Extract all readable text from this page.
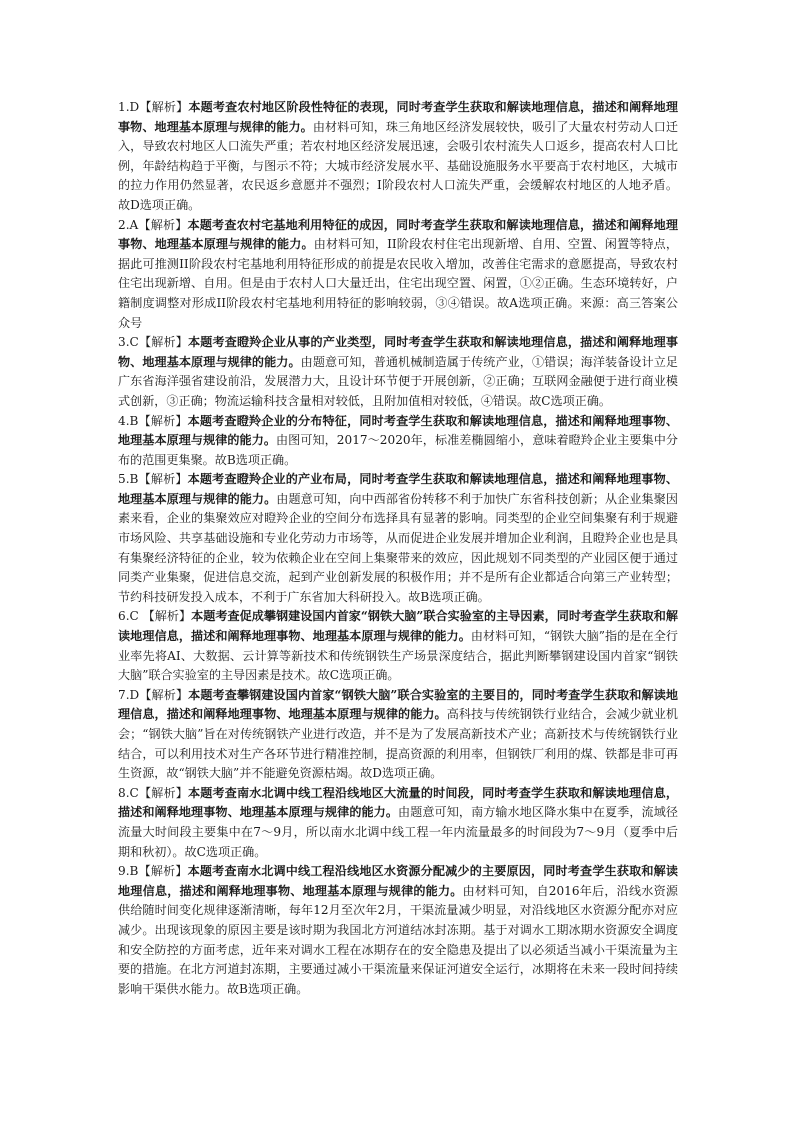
1.D【解析】本题考查农村地区阶段性特征的表现，同时考查学生获取和解读地理信息，描述和阐释地理事物、地理基本原理与规律的能力。由材料可知，珠三角地区经济发展较快，吸引了大量农村劳动人口迁入，导致农村地区人口流失严重；若农村地区经济发展迅速，会吸引农村流失人口返乡，提高农村人口比例，年龄结构趋于平衡，与图示不符；大城市经济发展水平、基础设施服务水平要高于农村地区，大城市的拉力作用仍然显著，农民返乡意愿并不强烈；I阶段农村人口流失严重，会缓解农村地区的人地矛盾。故D选项正确。

2.A【解析】本题考查农村宅基地利用特征的成因，同时考查学生获取和解读地理信息，描述和阐释地理事物、地理基本原理与规律的能力。由材料可知，II阶段农村住宅出现新增、自用、空置、闲置等特点，据此可推测II阶段农村宅基地利用特征形成的前提是农民收入增加，改善住宅需求的意愿提高，导致农村住宅出现新增、自用。但是由于农村人口大量迁出，住宅出现空置、闲置，①②正确。生态环境转好，户籍制度调整对形成II阶段农村宅基地利用特征的影响较弱，③④错误。故A选项正确。来源：高三答案公众号

3.C【解析】本题考查瞪羚企业从事的产业类型，同时考查学生获取和解读地理信息，描述和阐释地理事物、地理基本原理与规律的能力。由题意可知，普通机械制造属于传统产业，①错误；海洋装备设计立足广东省海洋强省建设前沿，发展潜力大，且设计环节便于开展创新，②正确；互联网金融便于进行商业模式创新，③正确；物流运输科技含量相对较低，且附加值相对较低，④错误。故C选项正确。

4.B【解析】本题考查瞪羚企业的分布特征，同时考查学生获取和解读地理信息，描述和阐释地理事物、地理基本原理与规律的能力。由图可知，2017～2020年，标准差椭圆缩小，意味着瞪羚企业主要集中分布的范围更集聚。故B选项正确。

5.B【解析】本题考查瞪羚企业的产业布局，同时考查学生获取和解读地理信息，描述和阐释地理事物、地理基本原理与规律的能力。由题意可知，向中西部省份转移不利于加快广东省科技创新；从企业集聚因素来看，企业的集聚效应对瞪羚企业的空间分布选择具有显著的影响。同类型的企业空间集聚有利于规避市场风险、共享基础设施和专业化劳动力市场等，从而促进企业发展并增加企业利润，且瞪羚企业也是具有集聚经济特征的企业，较为依赖企业在空间上集聚带来的效应，因此规划不同类型的产业园区便于通过同类产业集聚，促进信息交流，起到产业创新发展的积极作用；并不是所有企业都适合向第三产业转型；节约科技研发投入成本，不利于广东省加大科研投入。故B选项正确。

6.C 【解析】本题考查促成攀钢建设国内首家“钢铁大脑”联合实验室的主导因素，同时考查学生获取和解读地理信息，描述和阐释地理事物、地理基本原理与规律的能力。由材料可知，“钢铁大脑”指的是在全行业率先将AI、大数据、云计算等新技术和传统钢铁生产场景深度结合，据此判断攀钢建设国内首家“钢铁大脑”联合实验室的主导因素是技术。故C选项正确。

7.D【解析】本题考查攀钢建设国内首家“钢铁大脑”联合实验室的主要目的，同时考查学生获取和解读地理信息，描述和阐释地理事物、地理基本原理与规律的能力。高科技与传统钢铁行业结合，会减少就业机会；“钢铁大脑”旨在对传统钢铁产业进行改造，并不是为了发展高新技术产业；高新技术与传统钢铁行业结合，可以利用技术对生产各环节进行精准控制，提高资源的利用率，但钢铁厂利用的煤、铁都是非可再生资源，故“钢铁大脑”并不能避免资源枯竭。故D选项正确。

8.C【解析】本题考查南水北调中线工程沿线地区大流量的时间段，同时考查学生获取和解读地理信息，描述和阐释地理事物、地理基本原理与规律的能力。由题意可知，南方输水地区降水集中在夏季，流域径流量大时间段主要集中在7～9月，所以南水北调中线工程一年内流量最多的时间段为7～9月（夏季中后期和秋初）。故C选项正确。

9.B【解析】本题考查南水北调中线工程沿线地区水资源分配减少的主要原因，同时考查学生获取和解读地理信息，描述和阐释地理事物、地理基本原理与规律的能力。由材料可知，自2016年后，沿线水资源供给随时间变化规律逐渐清晰，每年12月至次年2月，干渠流量减少明显，对沿线地区水资源分配亦对应减少。出现该现象的原因主要是该时期为我国北方河道结冰封冻期。基于对调水工期冰期水资源安全调度和安全防控的方面考虑，近年来对调水工程在冰期存在的安全隐患及提出了以必须适当减小干渠流量为主要的措施。在北方河道封冻期，主要通过减小干渠流量来保证河道安全运行，冰期将在未来一段时间持续影响干渠供水能力。故B选项正确。
